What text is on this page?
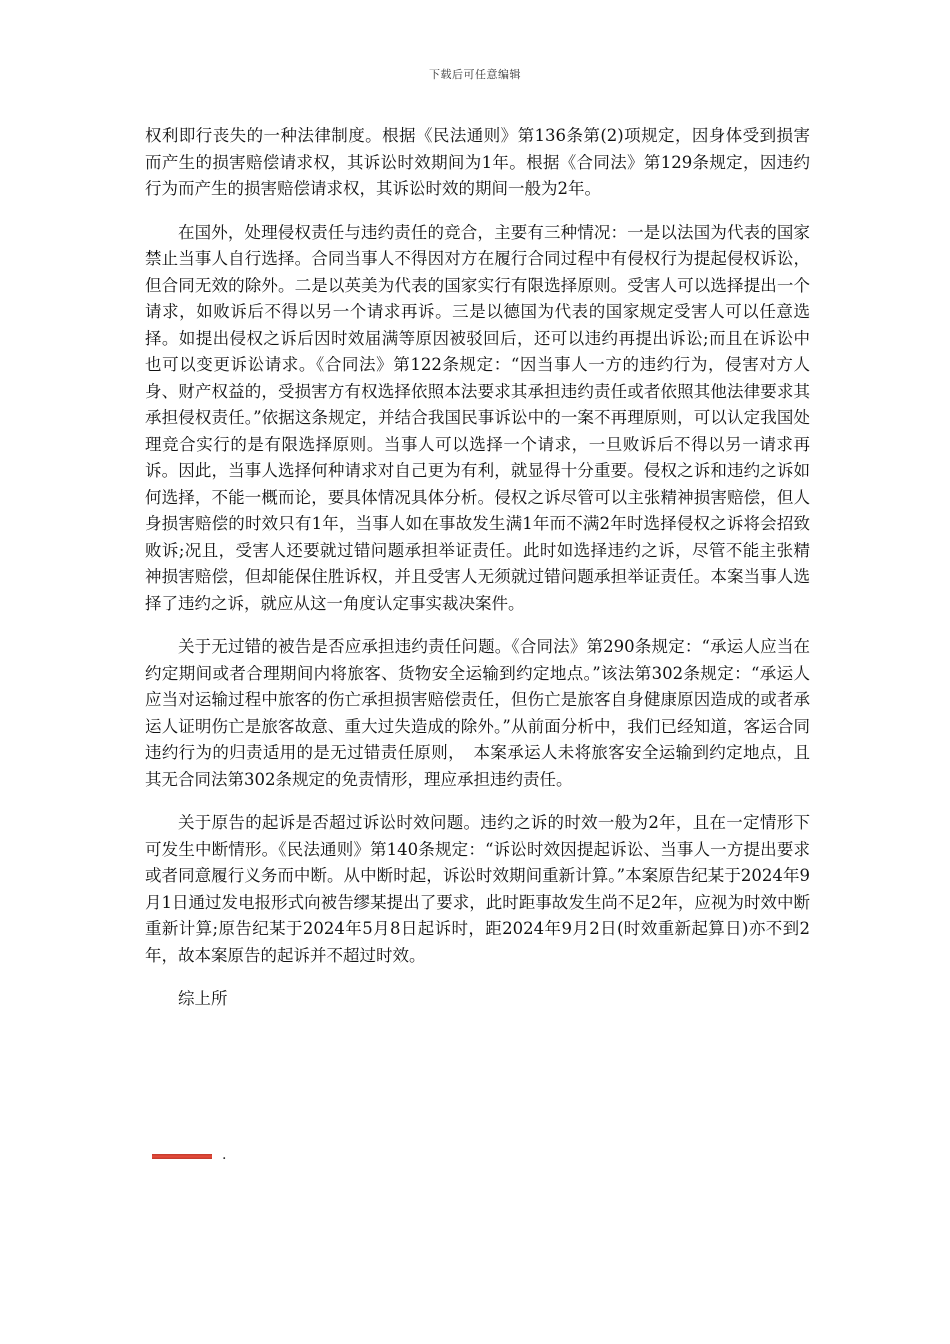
下载后可任意编辑

权利即行丧失的一种法律制度。根据《民法通则》第136条第(2)项规定，因身体受到损害而产生的损害赔偿请求权，其诉讼时效期间为1年。根据《合同法》第129条规定，因违约行为而产生的损害赔偿请求权，其诉讼时效的期间一般为2年。

在国外，处理侵权责任与违约责任的竞合，主要有三种情况：一是以法国为代表的国家禁止当事人自行选择。合同当事人不得因对方在履行合同过程中有侵权行为提起侵权诉讼，但合同无效的除外。二是以英美为代表的国家实行有限选择原则。受害人可以选择提出一个请求，如败诉后不得以另一个请求再诉。三是以德国为代表的国家规定受害人可以任意选择。如提出侵权之诉后因时效届满等原因被驳回后，还可以违约再提出诉讼;而且在诉讼中也可以变更诉讼请求。《合同法》第122条规定：“因当事人一方的违约行为，侵害对方人身、财产权益的，受损害方有权选择依照本法要求其承担违约责任或者依照其他法律要求其承担侵权责任。”依据这条规定，并结合我国民事诉讼中的一案不再理原则，可以认定我国处理竞合实行的是有限选择原则。当事人可以选择一个请求，一旦败诉后不得以另一请求再诉。因此，当事人选择何种请求对自己更为有利，就显得十分重要。侵权之诉和违约之诉如何选择，不能一概而论，要具体情况具体分析。侵权之诉尽管可以主张精神损害赔偿，但人身损害赔偿的时效只有1年，当事人如在事故发生满1年而不满2年时选择侵权之诉将会招致败诉;况且，受害人还要就过错问题承担举证责任。此时如选择违约之诉，尽管不能主张精神损害赔偿，但却能保住胜诉权，并且受害人无须就过错问题承担举证责任。本案当事人选择了违约之诉，就应从这一角度认定事实裁决案件。

关于无过错的被告是否应承担违约责任问题。《合同法》第290条规定：“承运人应当在约定期间或者合理期间内将旅客、货物安全运输到约定地点。”该法第302条规定：“承运人应当对运输过程中旅客的伤亡承担损害赔偿责任，但伤亡是旅客自身健康原因造成的或者承运人证明伤亡是旅客故意、重大过失造成的除外。”从前面分析中，我们已经知道，客运合同违约行为的归责适用的是无过错责任原则，　本案承运人未将旅客安全运输到约定地点，且其无合同法第302条规定的免责情形，理应承担违约责任。

关于原告的起诉是否超过诉讼时效问题。违约之诉的时效一般为2年，且在一定情形下可发生中断情形。《民法通则》第140条规定：“诉讼时效因提起诉讼、当事人一方提出要求或者同意履行义务而中断。从中断时起，诉讼时效期间重新计算。”本案原告纪某于2024年9月1日通过发电报形式向被告缪某提出了要求，此时距事故发生尚不足2年，应视为时效中断重新计算;原告纪某于2024年5月8日起诉时，距2024年9月2日(时效重新起算日)亦不到2年，故本案原告的起诉并不超过时效。

综上所

.
